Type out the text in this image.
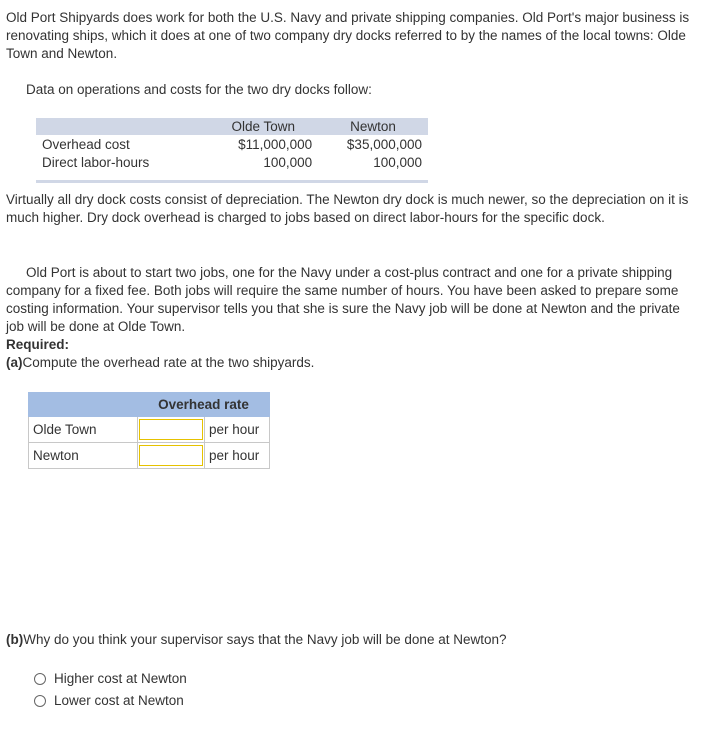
Old Port Shipyards does work for both the U.S. Navy and private shipping companies. Old Port's major business is renovating ships, which it does at one of two company dry docks referred to by the names of the local towns: Olde Town and Newton.

Data on operations and costs for the two dry docks follow:

	Olde Town	Newton
Overhead cost	$11,000,000	$35,000,000
Direct labor-hours	100,000	100,000

Virtually all dry dock costs consist of depreciation. The Newton dry dock is much newer, so the depreciation on it is much higher. Dry dock overhead is charged to jobs based on direct labor-hours for the specific dock.

Old Port is about to start two jobs, one for the Navy under a cost-plus contract and one for a private shipping company for a fixed fee. Both jobs will require the same number of hours. You have been asked to prepare some costing information. Your supervisor tells you that she is sure the Navy job will be done at Newton and the private job will be done at Olde Town.

Required:

(a)Compute the overhead rate at the two shipyards.

	Overhead rate	
Olde Town		per hour
Newton		per hour

(b)Why do you think your supervisor says that the Navy job will be done at Newton?

Higher cost at Newton
Lower cost at Newton
